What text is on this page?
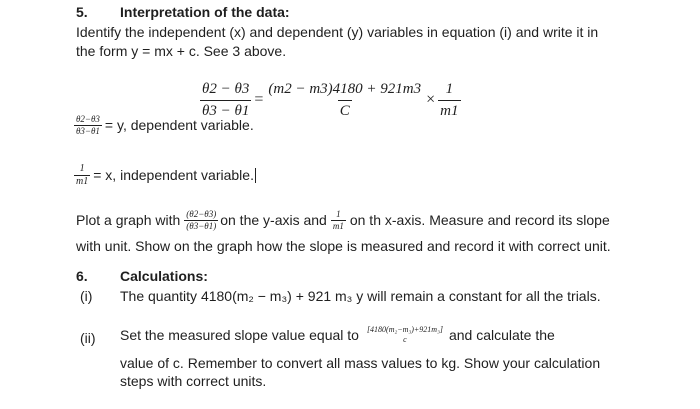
5. Interpretation of the data:
Identify the independent (x) and dependent (y) variables in equation (i) and write it in
the form y = mx + c. See 3 above.
$\frac{\theta 2 - \theta 3}{\theta 3 - \theta 1} = \frac{(m2 - m3)4180 + 921m3}{C} \times \frac{1}{m1}$
$\frac{\theta 2-\theta 3}{\theta 3-\theta 1} = y$, dependent variable.
$\frac{1}{m1} = x$, independent variable.
Plot a graph with $\frac{(\theta 2-\theta 3)}{(\theta 3-\theta 1)}$ on the y-axis and $\frac{1}{m1}$ on th x-axis. Measure and record its slope
with unit. Show on the graph how the slope is measured and record it with correct unit.
6. Calculations:
(i) The quantity 4180(m₂ − m₃) + 921 m₃ y will remain a constant for all the trials.
(ii) Set the measured slope value equal to [4180(m₂−m₃)+921m₃]
c	and calculate the
value of c. Remember to convert all mass values to kg. Show your calculation
steps with correct units.
